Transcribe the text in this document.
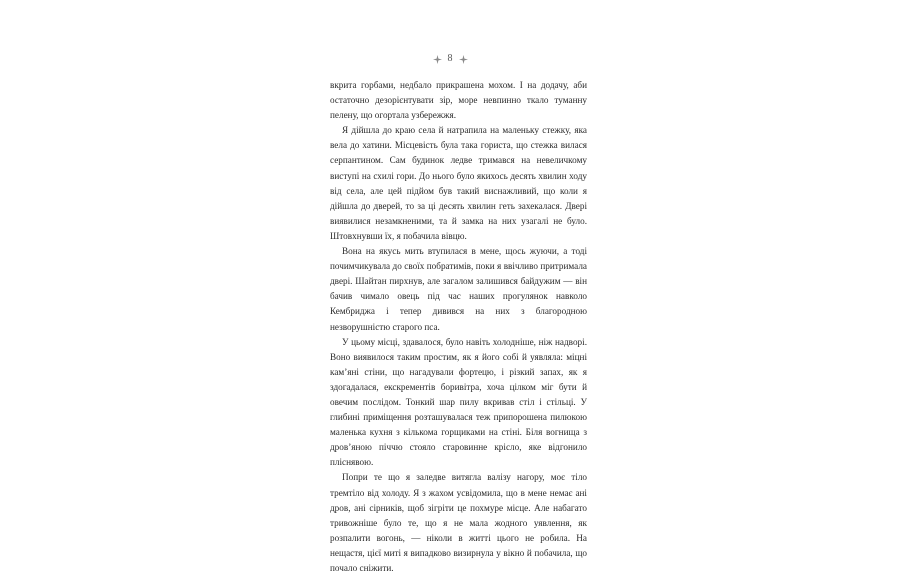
8

вкрита горбами, недбало прикрашена мохом. І на додачу, аби остаточно дезорієнтувати зір, море невпинно ткало туманну пелену, що огортала узбережжя.

Я дійшла до краю села й натрапила на маленьку стежку, яка вела до хатини. Місцевість була така гориста, що стежка вилася серпантином. Сам будинок ледве тримався на невеличкому виступі на схилі гори. До нього було якихось десять хвилин ходу від села, але цей підйом був такий виснажливий, що коли я дійшла до дверей, то за ці десять хвилин геть захекалася. Двері виявилися незамкненими, та й замка на них узагалі не було. Штовхнувши їх, я побачила вівцю.

Вона на якусь мить втупилася в мене, щось жуючи, а тоді почимчикувала до своїх побратимів, поки я ввічливо притримала двері. Шайтан пирхнув, але загалом залишився байдужим — він бачив чимало овець під час наших прогулянок навколо Кембриджа і тепер дивився на них з благородною незворушністю старого пса.

У цьому місці, здавалося, було навіть холодніше, ніж надворі. Воно виявилося таким простим, як я його собі й уявляла: міцні кам’яні стіни, що нагадували фортецю, і різкий запах, як я здогадалася, екскрементів боривітра, хоча цілком міг бути й овечим послідом. Тонкий шар пилу вкривав стіл і стільці. У глибині приміщення розташувалася теж припорошена пилюкою маленька кухня з кількома горщиками на стіні. Біля вогнища з дров’яною піччю стояло старовинне крісло, яке відгонило пліснявою.

Попри те що я заледве витягла валізу нагору, моє тіло тремтіло від холоду. Я з жахом усвідомила, що в мене немає ані дров, ані сірників, щоб зігріти це похмуре місце. Але набагато тривожніше було те, що я не мала жодного уявлення, як розпалити вогонь, — ніколи в житті цього не робила. На нещастя, цієї миті я випадково визирнула у вікно й побачила, що почало сніжити.
